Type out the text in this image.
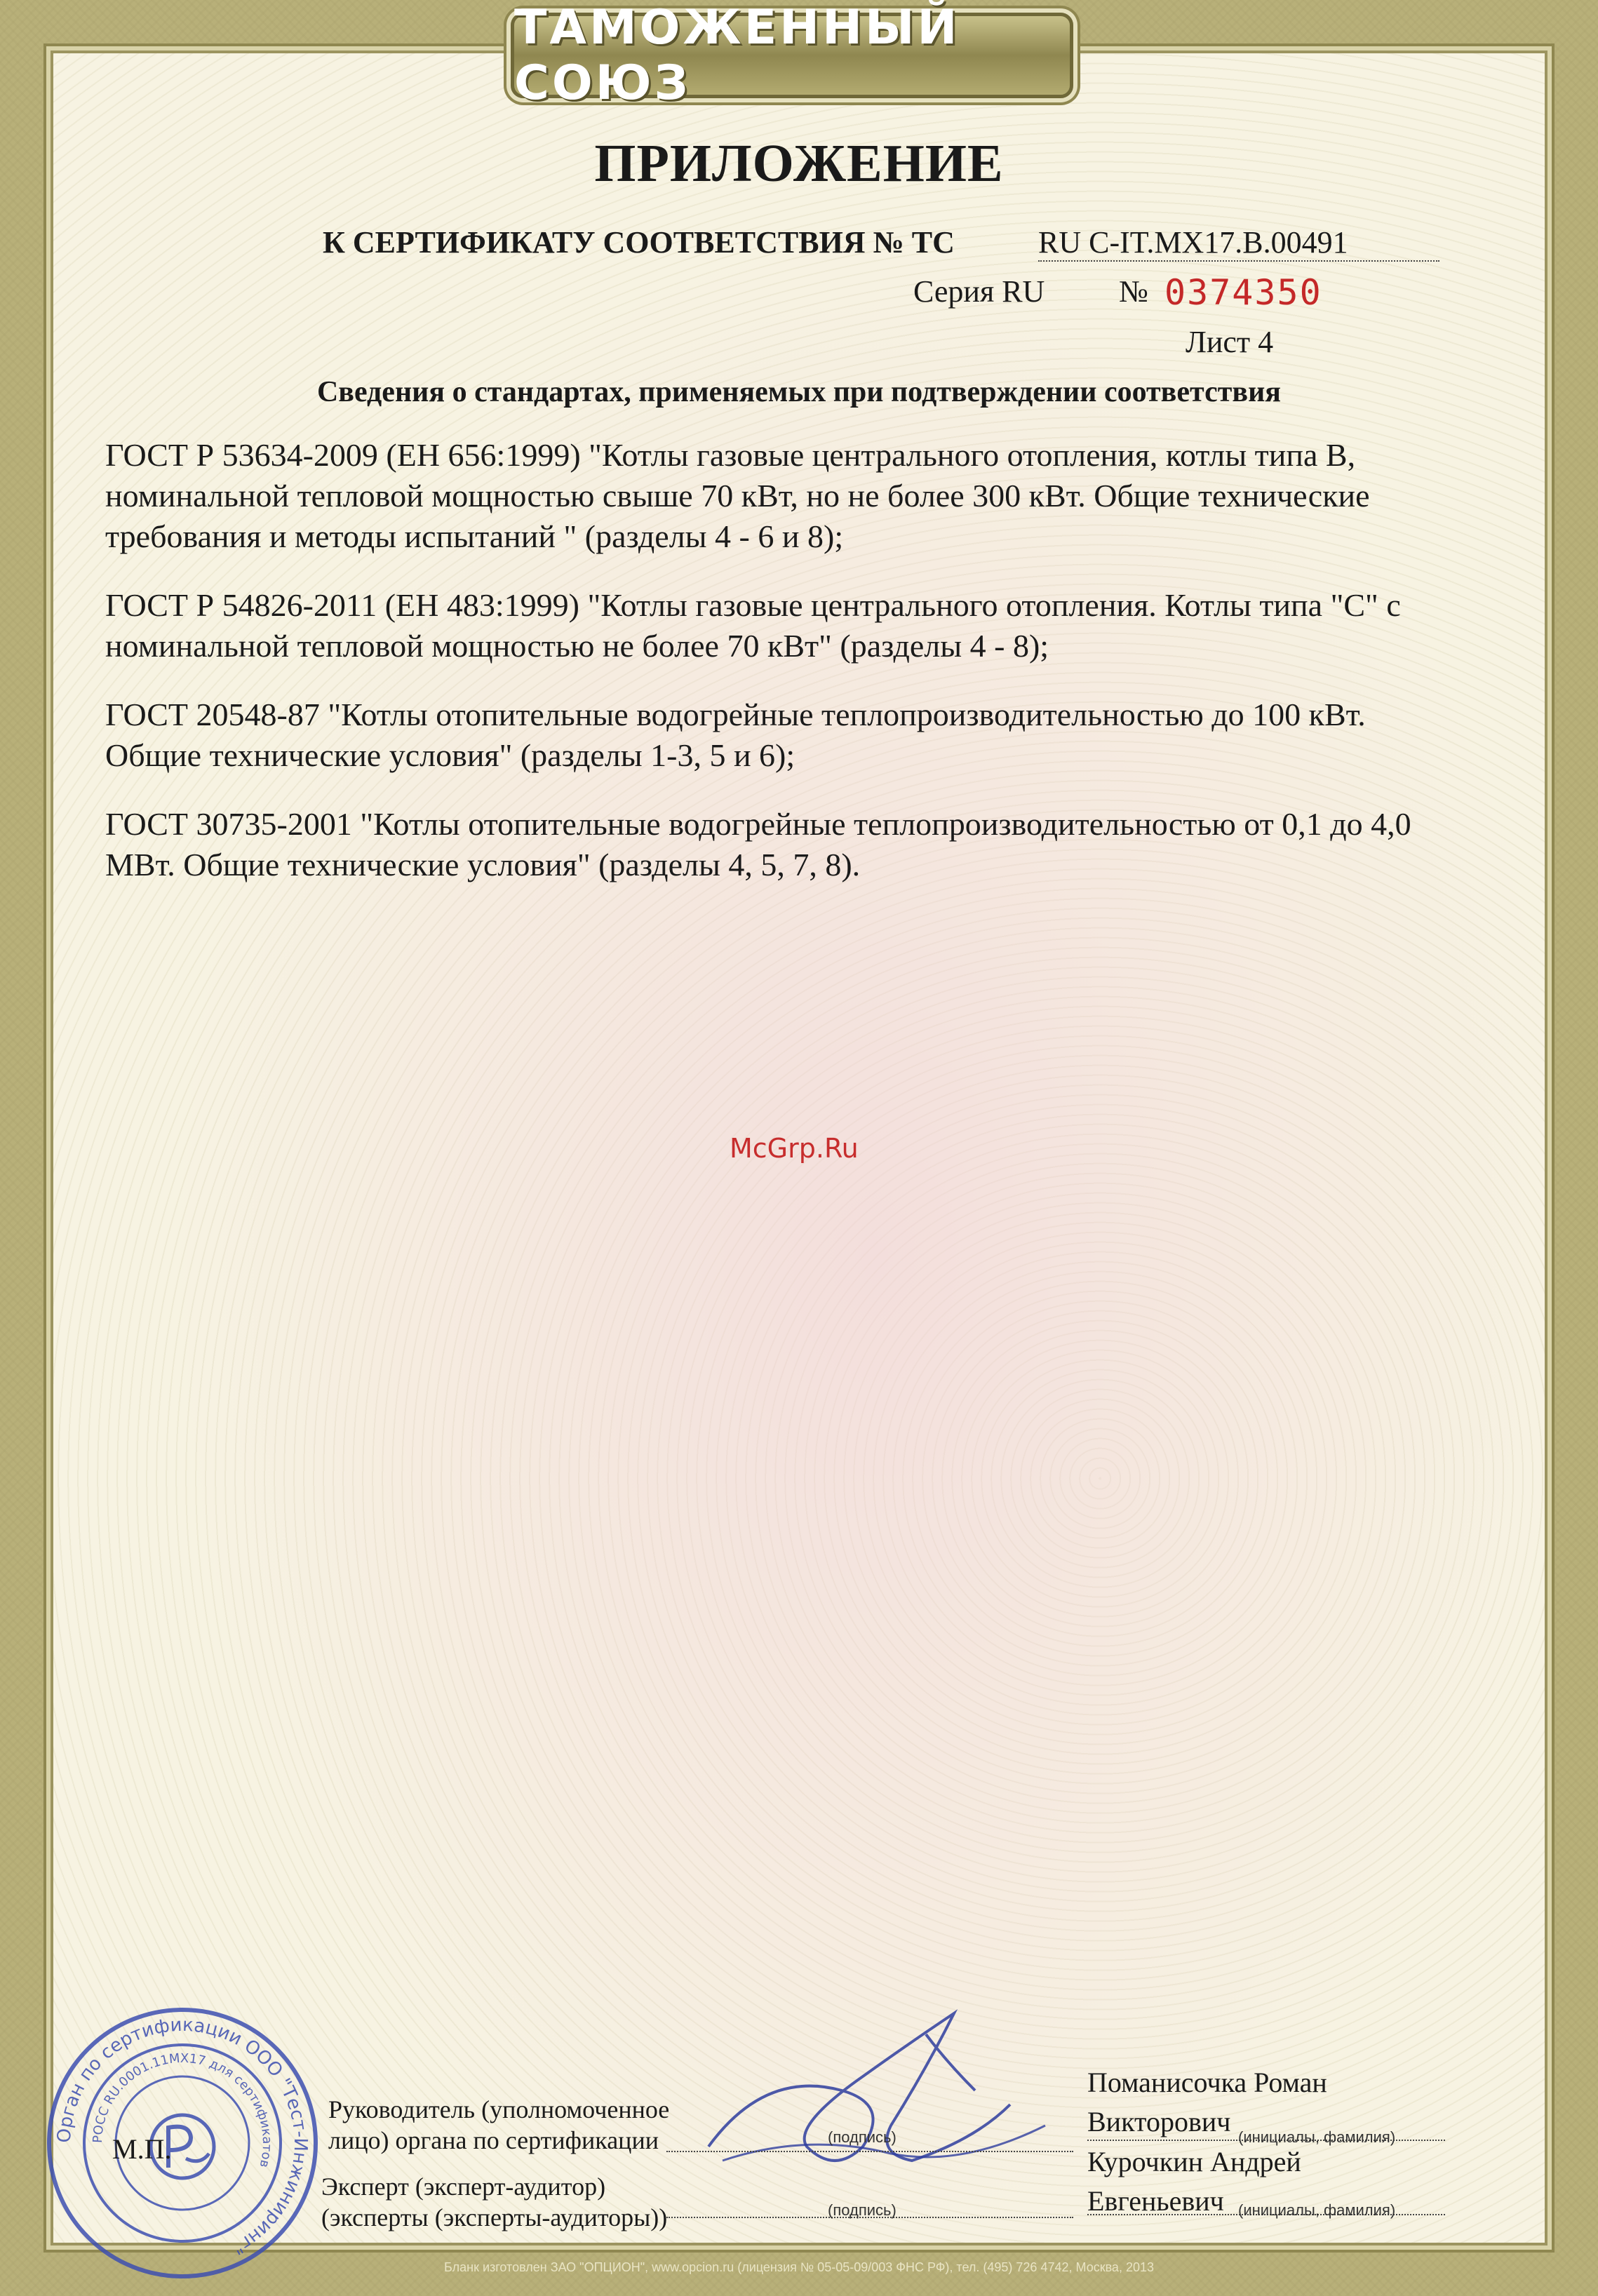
ТАМОЖЕННЫЙ СОЮЗ
ПРИЛОЖЕНИЕ
К СЕРТИФИКАТУ СООТВЕТСТВИЯ № ТС	RU C-IT.MX17.B.00491
Серия RU № 0374350
Лист 4
Сведения о стандартах, применяемых при подтверждении соответствия

ГОСТ Р 53634-2009 (ЕН 656:1999) "Котлы газовые центрального отопления, котлы типа В, номинальной тепловой мощностью свыше 70 кВт, но не более 300 кВт. Общие технические требования и методы испытаний " (разделы 4 - 6 и 8);

ГОСТ Р 54826-2011 (ЕН 483:1999) "Котлы газовые центрального отопления. Котлы типа "С" с номинальной тепловой мощностью не более 70 кВт" (разделы 4 - 8);

ГОСТ 20548-87 "Котлы отопительные водогрейные теплопроизводительностью до 100 кВт. Общие технические условия" (разделы 1-3, 5 и 6);

ГОСТ 30735-2001 "Котлы отопительные водогрейные теплопроизводительностью от 0,1 до 4,0 МВт. Общие технические условия" (разделы 4, 5, 7, 8).

McGrp.Ru
Орган по сертификации ООО "Тест-Инжиниринг"
РОСС RU.0001.11МХ17 для сертификатов
М.П.
Руководитель (уполномоченное
лицо) органа по сертификации
Эксперт (эксперт-аудитор)
(эксперты (эксперты-аудиторы))
(подпись)
(подпись)
Поманисочка Роман
Викторович (инициалы, фамилия)
Курочкин Андрей
Евгеньевич (инициалы, фамилия)
Бланк изготовлен ЗАО "ОПЦИОН", www.opcion.ru (лицензия № 05-05-09/003 ФНС РФ), тел. (495) 726 4742, Москва, 2013
